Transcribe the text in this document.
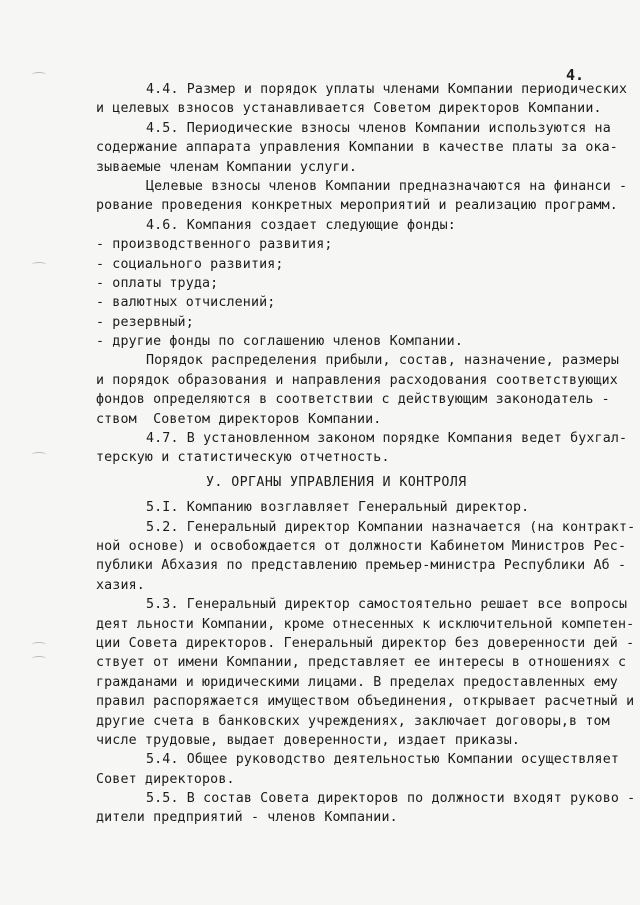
4.
4.4. Размер и порядок уплаты членами Компании периодических
и целевых взносов устанавливается Советом директоров Компании.
4.5. Периодические взносы членов Компании используются на
содержание аппарата управления Компании в качестве платы за ока-
зываемые членам Компании услуги.
Целевые взносы членов Компании предназначаются на финанси -
рование проведения конкретных мероприятий и реализацию программ.
4.6. Компания создает следующие фонды:
- производственного развития;
- социального развития;
- оплаты труда;
- валютных отчислений;
- резервный;
- другие фонды по соглашению членов Компании.
Порядок распределения прибыли, состав, назначение, размеры
и порядок образования и направления расходования соответствующих
фондов определяются в соответствии с действующим законодатель -
ством  Советом директоров Компании.
4.7. В установленном законом порядке Компания ведет бухгал-
терскую и статистическую отчетность.
У. ОРГАНЫ УПРАВЛЕНИЯ И КОНТРОЛЯ
5.I. Компанию возглавляет Генеральный директор.
5.2. Генеральный директор Компании назначается (на контракт-
ной основе) и освобождается от должности Кабинетом Министров Рес-
публики Абхазия по представлению премьер-министра Республики Аб -
хазия.
5.3. Генеральный директор самостоятельно решает все вопросы
деят льности Компании, кроме отнесенных к исключительной компетен-
ции Совета директоров. Генеральный директор без доверенности дей -
ствует от имени Компании, представляет ее интересы в отношениях с
гражданами и юридическими лицами. В пределах предоставленных ему
правил распоряжается имуществом объединения, открывает расчетный и
другие счета в банковских учреждениях, заключает договоры,в том
числе трудовые, выдает доверенности, издает приказы.
5.4. Общее руководство деятельностью Компании осуществляет
Совет директоров.
5.5. В состав Совета директоров по должности входят руково -
дители предприятий - членов Компании.
